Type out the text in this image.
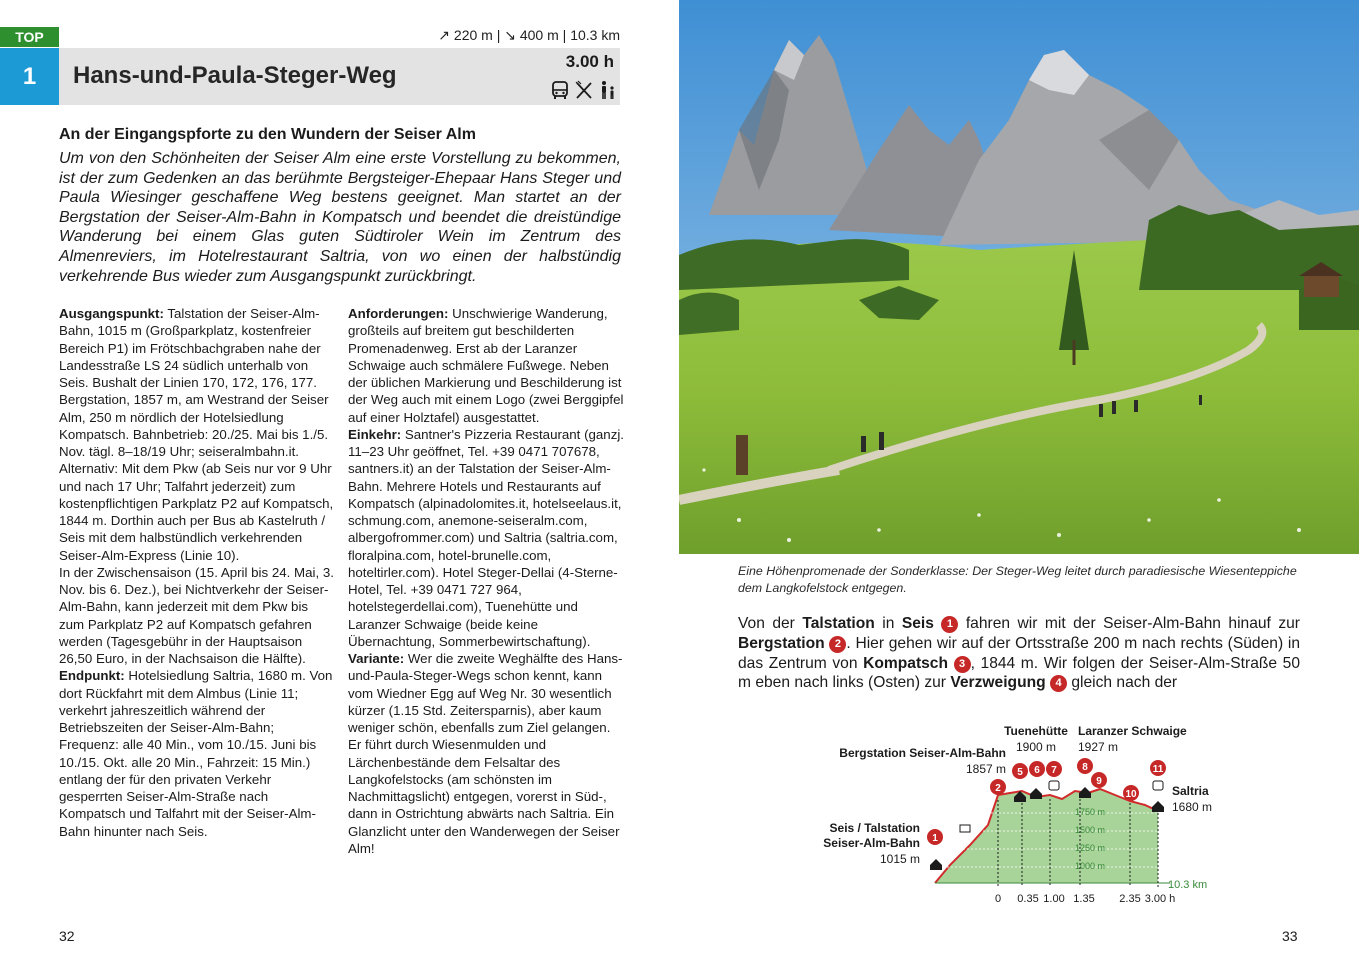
TOP
1	Hans-und-Paula-Steger-Weg
↗ 220 m | ↘ 400 m | 10.3 km
3.00 h
An der Eingangspforte zu den Wundern der Seiser Alm
Um von den Schönheiten der Seiser Alm eine erste Vorstellung zu bekommen, ist der zum Gedenken an das berühmte Bergsteiger-Ehepaar Hans Steger und Paula Wiesinger geschaffene Weg bestens geeignet. Man startet an der Bergstation der Seiser-Alm-Bahn in Kompatsch und beendet die dreistündige Wanderung bei einem Glas guten Südtiroler Wein im Zentrum des Almenreviers, im Hotelrestaurant Saltria, von wo einen der halbstündig verkehrende Bus wieder zum Ausgangspunkt zurückbringt.

Ausgangspunkt: Talstation der Seiser-Alm-Bahn, 1015 m (Großparkplatz, kostenfreier Bereich P1) im Frötschbachgraben nahe der Landesstraße LS 24 südlich unterhalb von Seis. Bushalt der Linien 170, 172, 176, 177. Bergstation, 1857 m, am Westrand der Seiser Alm, 250 m nördlich der Hotelsiedlung Kompatsch. Bahnbetrieb: 20./25. Mai bis 1./5. Nov. tägl. 8–18/19 Uhr; seiseralmbahn.it.

Alternativ: Mit dem Pkw (ab Seis nur vor 9 Uhr und nach 17 Uhr; Talfahrt jederzeit) zum kostenpflichtigen Parkplatz P2 auf Kompatsch, 1844 m. Dorthin auch per Bus ab Kastelruth / Seis mit dem halbstündlich verkehrenden Seiser-Alm-Express (Linie 10).

In der Zwischensaison (15. April bis 24. Mai, 3. Nov. bis 6. Dez.), bei Nichtverkehr der Seiser-Alm-Bahn, kann jederzeit mit dem Pkw bis zum Parkplatz P2 auf Kompatsch gefahren werden (Tagesgebühr in der Hauptsaison 26,50 Euro, in der Nachsaison die Hälfte).

Endpunkt: Hotelsiedlung Saltria, 1680 m. Von dort Rückfahrt mit dem Almbus (Linie 11; verkehrt jahreszeitlich während der Betriebszeiten der Seiser-Alm-Bahn; Frequenz: alle 40 Min., vom 10./15. Juni bis 10./15. Okt. alle 20 Min., Fahrzeit: 15 Min.) entlang der für den privaten Verkehr gesperrten Seiser-Alm-Straße nach Kompatsch und Talfahrt mit der Seiser-Alm-Bahn hinunter nach Seis.

Anforderungen: Unschwierige Wanderung, großteils auf breitem gut beschilderten Promenadenweg. Erst ab der Laranzer Schwaige auch schmälere Fußwege. Neben der üblichen Markierung und Beschilderung ist der Weg auch mit einem Logo (zwei Berggipfel auf einer Holztafel) ausgestattet.

Einkehr: Santner's Pizzeria Restaurant (ganzj. 11–23 Uhr geöffnet, Tel. +39 0471 707678, santners.it) an der Talstation der Seiser-Alm-Bahn. Mehrere Hotels und Restaurants auf Kompatsch (alpinadolomites.it, hotelseelaus.it, schmung.com, anemone-seiseralm.com, albergofrommer.com) und Saltria (saltria.com, floralpina.com, hotel-brunelle.com, hoteltirler.com). Hotel Steger-Dellai (4-Sterne-Hotel, Tel. +39 0471 727 964, hotelstegerdellai.com), Tuenehütte und Laranzer Schwaige (beide keine Übernachtung, Sommerbewirtschaftung).

Variante: Wer die zweite Weghälfte des Hans-und-Paula-Steger-Wegs schon kennt, kann vom Wiedner Egg auf Weg Nr. 30 wesentlich kürzer (1.15 Std. Zeitersparnis), aber kaum weniger schön, ebenfalls zum Ziel gelangen. Er führt durch Wiesenmulden und Lärchenbestände dem Felsaltar des Langkofelstocks (am schönsten im Nachmittagslicht) entgegen, vorerst in Süd-, dann in Ostrichtung abwärts nach Saltria. Ein Glanzlicht unter den Wanderwegen der Seiser Alm!

32	33
Eine Höhenpromenade der Sonderklasse: Der Steger-Weg leitet durch paradiesische Wiesenteppiche dem Langkofelstock entgegen.
Von der Talstation in Seis 1 fahren wir mit der Seiser-Alm-Bahn hinauf zur Bergstation 2 . Hier gehen wir auf der Ortsstraße 200 m nach rechts (Süden) in das Zentrum von Kompatsch 3 , 1844 m. Wir folgen der Seiser-Alm-Straße 50 m eben nach links (Osten) zur Verzweigung 4 gleich nach der
1750 m
1500 m
1250 m
1000 m
0 0.35 1.00 1.35 2.35 3.00 h
10.3 km
Seis / Talstation
Seiser-Alm-Bahn
1015 m
Bergstation Seiser-Alm-Bahn
1857 m
Tuenehütte
1900 m
Laranzer Schwaige
1927 m
Saltria
1680 m
1
2
5 6 7	8
9
10
11
